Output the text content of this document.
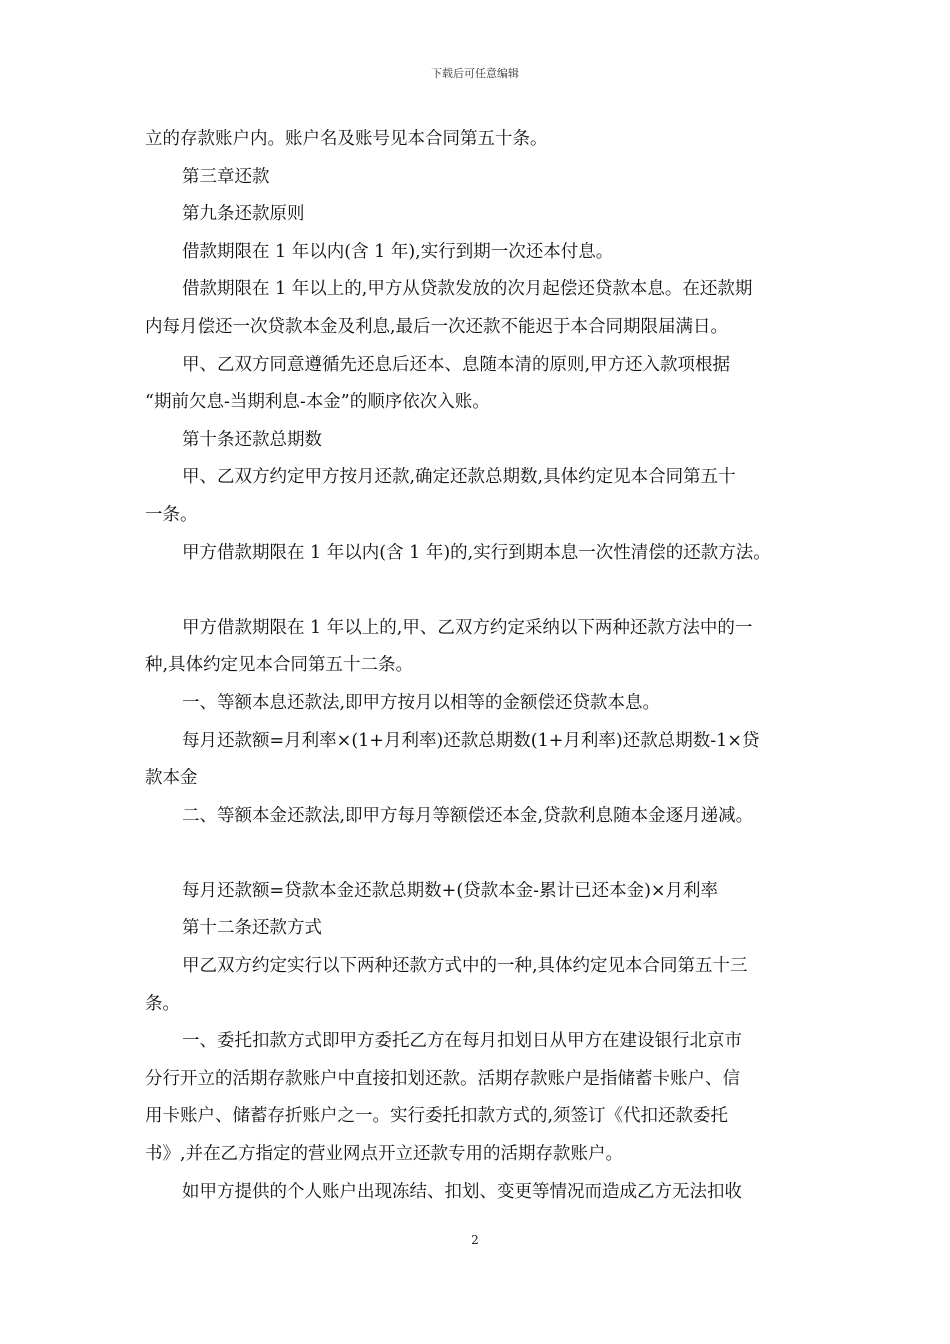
下载后可任意编辑

立的存款账户内。账户名及账号见本合同第五十条。

第三章还款

第九条还款原则

借款期限在 1 年以内(含 1 年),实行到期一次还本付息。

借款期限在 1 年以上的,甲方从贷款发放的次月起偿还贷款本息。在还款期

内每月偿还一次贷款本金及利息,最后一次还款不能迟于本合同期限届满日。

甲、乙双方同意遵循先还息后还本、息随本清的原则,甲方还入款项根据

“期前欠息-当期利息-本金”的顺序依次入账。

第十条还款总期数

甲、乙双方约定甲方按月还款,确定还款总期数,具体约定见本合同第五十

一条。

甲方借款期限在 1 年以内(含 1 年)的,实行到期本息一次性清偿的还款方法。

甲方借款期限在 1 年以上的,甲、乙双方约定采纳以下两种还款方法中的一

种,具体约定见本合同第五十二条。

一、等额本息还款法,即甲方按月以相等的金额偿还贷款本息。

每月还款额=月利率×(1+月利率)还款总期数(1+月利率)还款总期数-1×贷

款本金

二、等额本金还款法,即甲方每月等额偿还本金,贷款利息随本金逐月递减。

每月还款额=贷款本金还款总期数+(贷款本金-累计已还本金)×月利率

第十二条还款方式

甲乙双方约定实行以下两种还款方式中的一种,具体约定见本合同第五十三

条。

一、委托扣款方式即甲方委托乙方在每月扣划日从甲方在建设银行北京市

分行开立的活期存款账户中直接扣划还款。活期存款账户是指储蓄卡账户、信

用卡账户、储蓄存折账户之一。实行委托扣款方式的,须签订《代扣还款委托

书》,并在乙方指定的营业网点开立还款专用的活期存款账户。

如甲方提供的个人账户出现冻结、扣划、变更等情况而造成乙方无法扣收

2
